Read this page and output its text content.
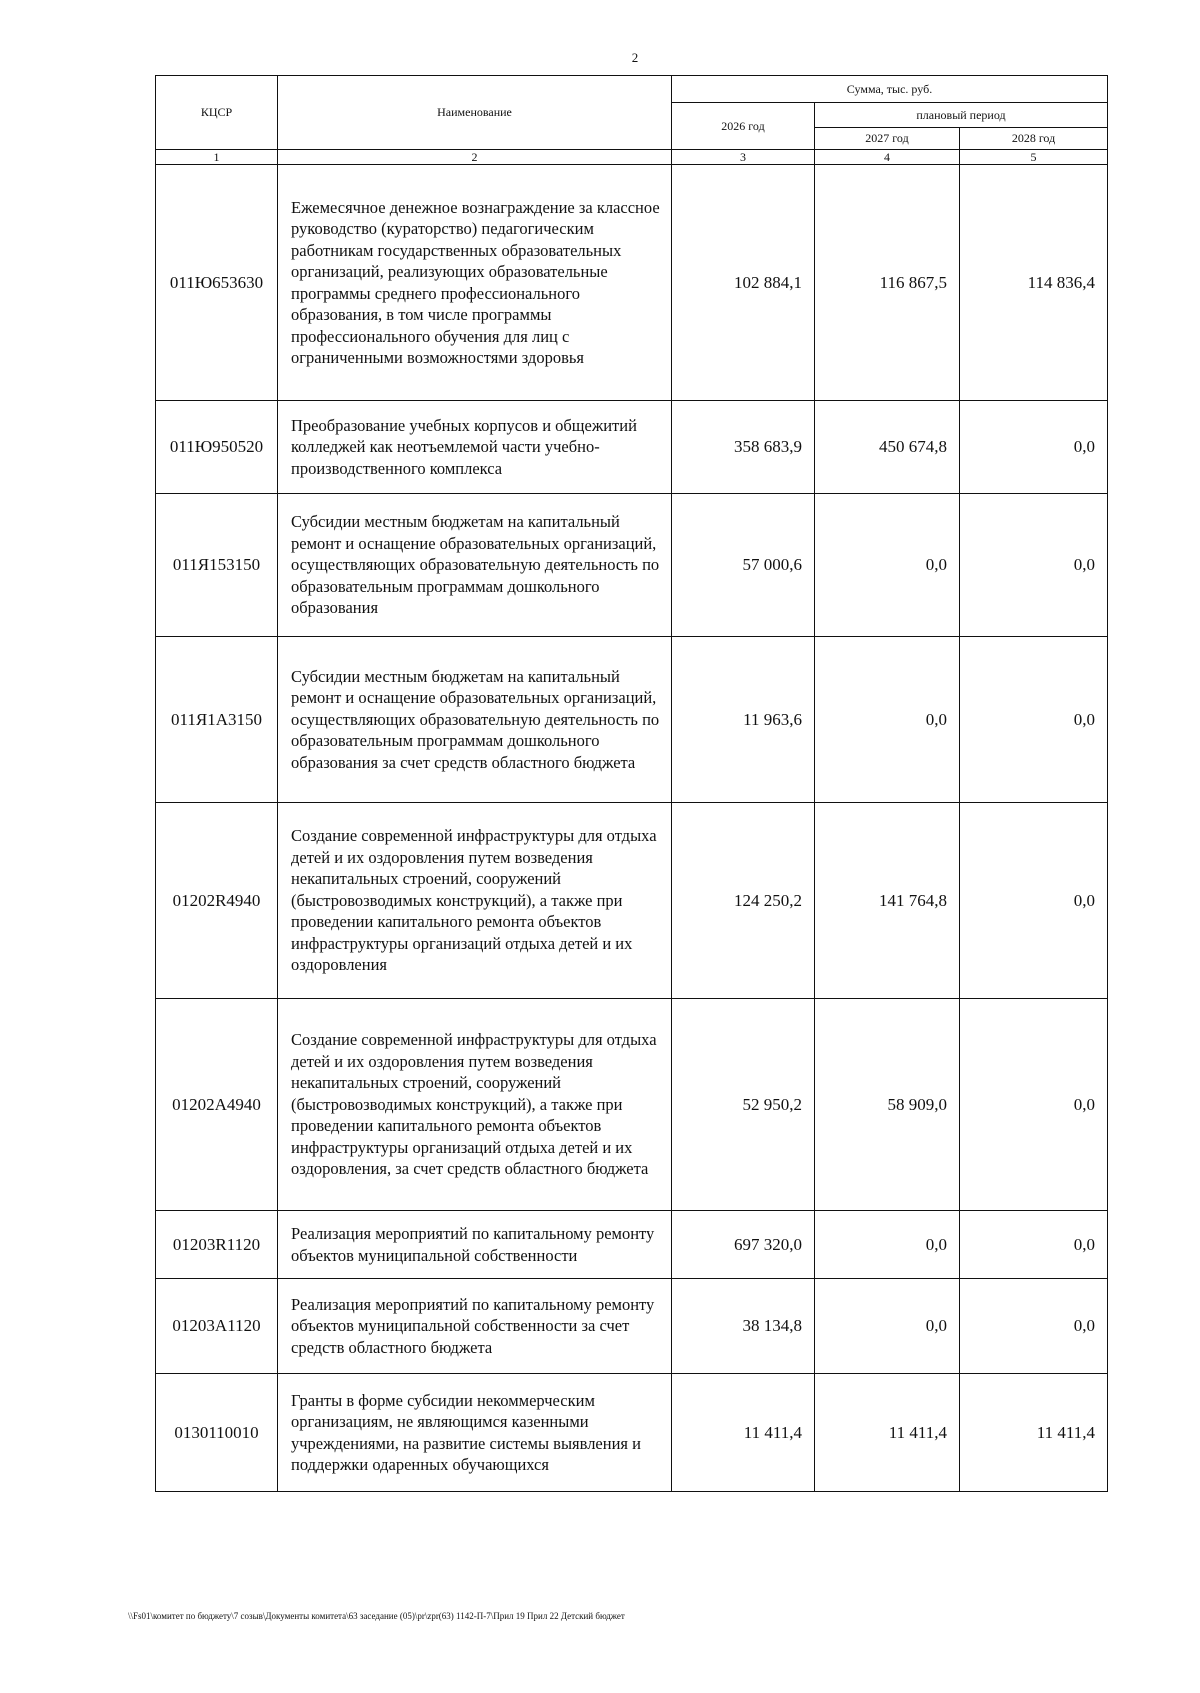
2
КЦСР	Наименование	Сумма, тыс. руб.		
		2026 год	плановый период	
			2027 год	2028 год
1	2	3	4	5
011Ю653630	Ежемесячное денежное вознаграждение за классное руководство (кураторство) педагогическим работникам государственных образовательных организаций, реализующих образовательные программы среднего профессионального образования, в том числе программы профессионального обучения для лиц с ограниченными возможностями здоровья	102 884,1	116 867,5	114 836,4
011Ю950520	Преобразование учебных корпусов и общежитий колледжей как неотъемлемой части учебно-производственного комплекса	358 683,9	450 674,8	0,0
011Я153150	Субсидии местным бюджетам на капитальный ремонт и оснащение образовательных организаций, осуществляющих образовательную деятельность по образовательным программам дошкольного образования	57 000,6	0,0	0,0
011Я1А3150	Субсидии местным бюджетам на капитальный ремонт и оснащение образовательных организаций, осуществляющих образовательную деятельность по образовательным программам дошкольного образования за счет средств областного бюджета	11 963,6	0,0	0,0
01202R4940	Создание современной инфраструктуры для отдыха детей и их оздоровления путем возведения некапитальных строений, сооружений (быстровозводимых конструкций), а также при проведении капитального ремонта объектов инфраструктуры организаций отдыха детей и их оздоровления	124 250,2	141 764,8	0,0
01202А4940	Создание современной инфраструктуры для отдыха детей и их оздоровления путем возведения некапитальных строений, сооружений (быстровозводимых конструкций), а также при проведении капитального ремонта объектов инфраструктуры организаций отдыха детей и их оздоровления, за счет средств областного бюджета	52 950,2	58 909,0	0,0
01203R1120	Реализация мероприятий по капитальному ремонту объектов муниципальной собственности	697 320,0	0,0	0,0
01203А1120	Реализация мероприятий по капитальному ремонту объектов муниципальной собственности за счет средств областного бюджета	38 134,8	0,0	0,0
0130110010	Гранты в форме субсидии некоммерческим организациям, не являющимся казенными учреждениями, на развитие системы выявления и поддержки одаренных обучающихся	11 411,4	11 411,4	11 411,4
\\Fs01\комитет по бюджету\7 созыв\Документы комитета\63 заседание (05)\pr\zpr(63) 1142-П-7\Прил 19 Прил 22 Детский бюджет
